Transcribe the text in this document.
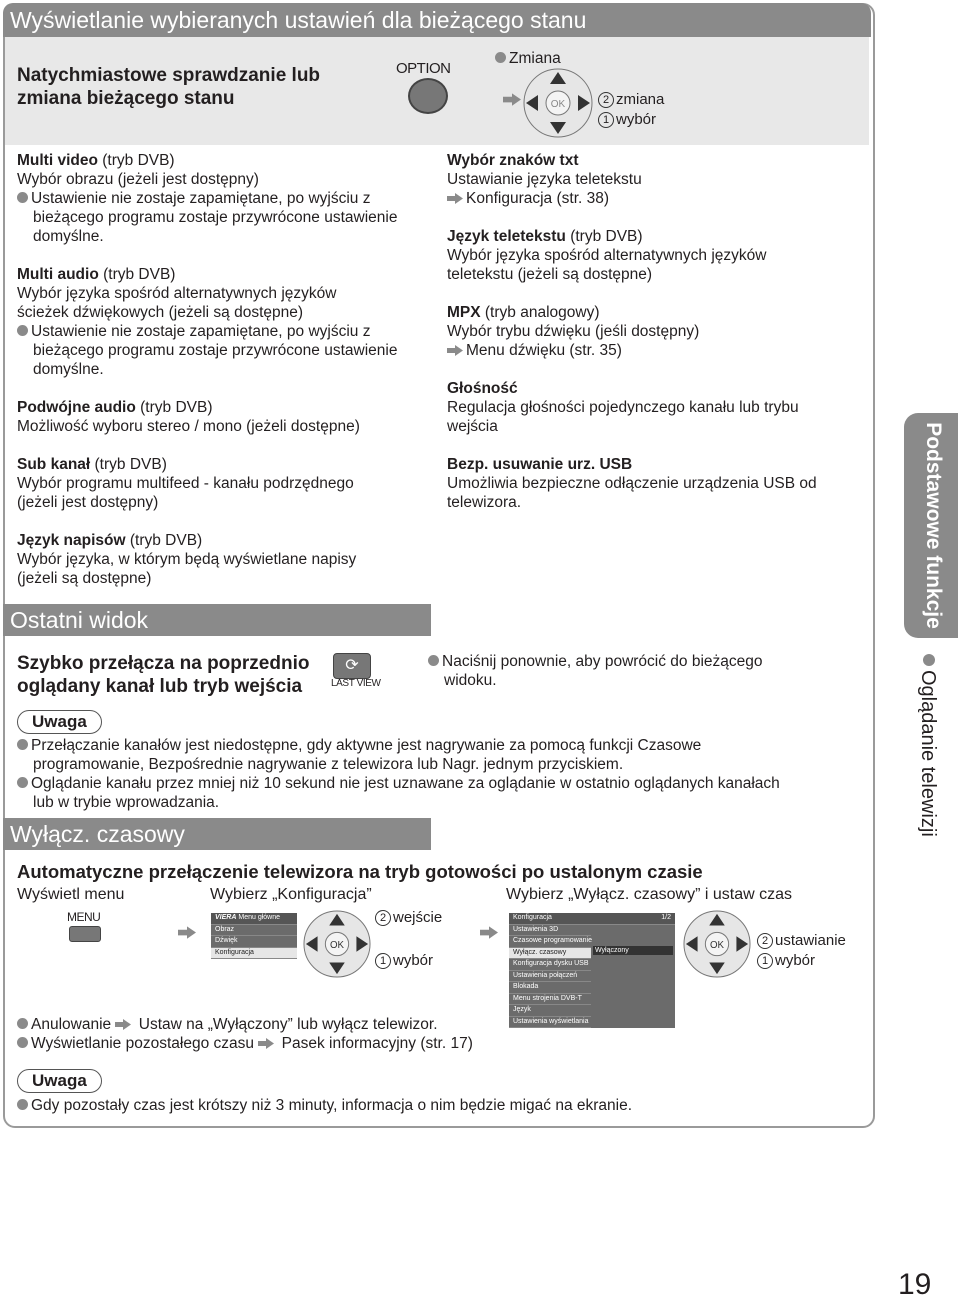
Wyświetlanie wybieranych ustawień dla bieżącego stanu
Natychmiastowe sprawdzanie lub
zmiana bieżącego stanu
OPTION
Zmiana
OK	2 zmiana
1 wybór
Multi video (tryb DVB)
Wybór obrazu (jeżeli jest dostępny)
Ustawienie nie zostaje zapamiętane, po wyjściu z
bieżącego programu zostaje przywrócone ustawienie
domyślne.
Multi audio (tryb DVB)
Wybór języka spośród alternatywnych języków
ścieżek dźwiękowych (jeżeli są dostępne)
Ustawienie nie zostaje zapamiętane, po wyjściu z
bieżącego programu zostaje przywrócone ustawienie
domyślne.
Podwójne audio (tryb DVB)
Możliwość wyboru stereo / mono (jeżeli dostępne)
Sub kanał (tryb DVB)
Wybór programu multifeed - kanału podrzędnego
(jeżeli jest dostępny)
Język napisów (tryb DVB)
Wybór języka, w którym będą wyświetlane napisy
(jeżeli są dostępne)
Wybór znaków txt
Ustawianie języka teletekstu
Konfiguracja (str. 38)
Język teletekstu (tryb DVB)
Wybór języka spośród alternatywnych języków
teletekstu (jeżeli są dostępne)
MPX (tryb analogowy)
Wybór trybu dźwięku (jeśli dostępny)
Menu dźwięku (str. 35)
Głośność
Regulacja głośności pojedynczego kanału lub trybu
wejścia
Bezp. usuwanie urz. USB
Umożliwia bezpieczne odłączenie urządzenia USB od
telewizora.
Ostatni widok
Szybko przełącza na poprzednio
oglądany kanał lub tryb wejścia
⟳
LAST VIEW
Naciśnij ponownie, aby powrócić do bieżącego
widoku.
Uwaga
Przełączanie kanałów jest niedostępne, gdy aktywne jest nagrywanie za pomocą funkcji Czasowe
programowanie, Bezpośrednie nagrywanie z telewizora lub Nagr. jednym przyciskiem.
Oglądanie kanału przez mniej niż 10 sekund nie jest uznawane za oglądanie w ostatnio oglądanych kanałach
lub w trybie wprowadzania.
Wyłącz. czasowy
Automatyczne przełączenie telewizora na tryb gotowości po ustalonym czasie
Wyświetl menu	Wybierz „Konfiguracja”	Wybierz „Wyłącz. czasowy” i ustaw czas
MENU	VIERA Menu główne
Obraz
Dźwięk
Konfiguracja
OK
2 wejście
1 wybór
Konfiguracja	1/2
Ustawienia 3D
Czasowe programowanie
Wyłącz. czasowy
Konfiguracja dysku USB
Ustawienia połączeń
Blokada
Menu strojenia DVB-T
Język
Ustawienia wyświetlania
Wyłączony	OK	2 ustawianie
1 wybór
Anulowanie Ustaw na „Wyłączony” lub wyłącz telewizor.
Wyświetlanie pozostałego czasu Pasek informacyjny (str. 17)
Uwaga
Gdy pozostały czas jest krótszy niż 3 minuty, informacja o nim będzie migać na ekranie.
Podstawowe funkcje
Oglądanie telewizji
19
